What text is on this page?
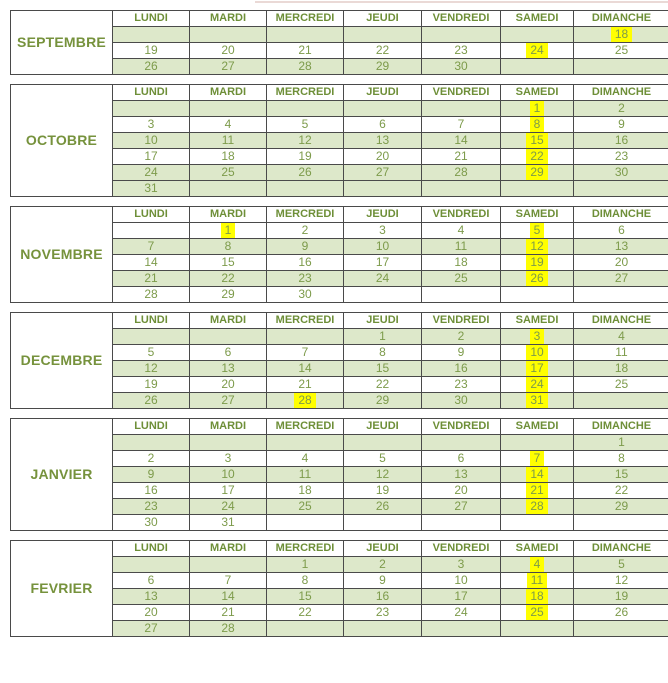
SEPTEMBRE	LUNDI	MARDI	MERCREDI	JEUDI	VENDREDI	SAMEDI	DIMANCHE
							18
	19	20	21	22	23	24	25
	26	27	28	29	30		
OCTOBRE	LUNDI	MARDI	MERCREDI	JEUDI	VENDREDI	SAMEDI	DIMANCHE
						1	2
	3	4	5	6	7	8	9
	10	11	12	13	14	15	16
	17	18	19	20	21	22	23
	24	25	26	27	28	29	30
	31						
NOVEMBRE	LUNDI	MARDI	MERCREDI	JEUDI	VENDREDI	SAMEDI	DIMANCHE
		1	2	3	4	5	6
	7	8	9	10	11	12	13
	14	15	16	17	18	19	20
	21	22	23	24	25	26	27
	28	29	30				
DECEMBRE	LUNDI	MARDI	MERCREDI	JEUDI	VENDREDI	SAMEDI	DIMANCHE
				1	2	3	4
	5	6	7	8	9	10	11
	12	13	14	15	16	17	18
	19	20	21	22	23	24	25
	26	27	28	29	30	31	
JANVIER	LUNDI	MARDI	MERCREDI	JEUDI	VENDREDI	SAMEDI	DIMANCHE
							1
	2	3	4	5	6	7	8
	9	10	11	12	13	14	15
	16	17	18	19	20	21	22
	23	24	25	26	27	28	29
	30	31					
FEVRIER	LUNDI	MARDI	MERCREDI	JEUDI	VENDREDI	SAMEDI	DIMANCHE
			1	2	3	4	5
	6	7	8	9	10	11	12
	13	14	15	16	17	18	19
	20	21	22	23	24	25	26
	27	28					
